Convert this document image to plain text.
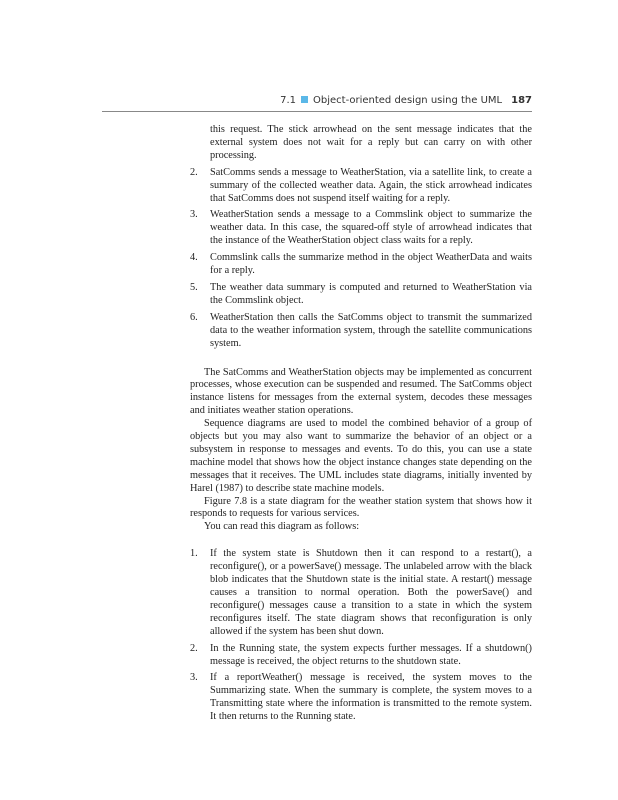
7.1 Object-oriented design using the UML 187

this request. The stick arrowhead on the sent message indicates that the external system does not wait for a reply but can carry on with other processing.

2.	SatComms sends a message to WeatherStation, via a satellite link, to create a summary of the collected weather data. Again, the stick arrowhead indicates that SatComms does not suspend itself waiting for a reply.
3.	WeatherStation sends a message to a Commslink object to summarize the weather data. In this case, the squared-off style of arrowhead indicates that the instance of the WeatherStation object class waits for a reply.
4.	Commslink calls the summarize method in the object WeatherData and waits for a reply.
5.	The weather data summary is computed and returned to WeatherStation via the Commslink object.
6.	WeatherStation then calls the SatComms object to transmit the summarized data to the weather information system, through the satellite communications system.

The SatComms and WeatherStation objects may be implemented as concurrent processes, whose execution can be suspended and resumed. The SatComms object instance listens for messages from the external system, decodes these messages and initiates weather station operations.

Sequence diagrams are used to model the combined behavior of a group of objects but you may also want to summarize the behavior of an object or a subsystem in response to messages and events. To do this, you can use a state machine model that shows how the object instance changes state depending on the messages that it receives. The UML includes state diagrams, initially invented by Harel (1987) to describe state machine models.

Figure 7.8 is a state diagram for the weather station system that shows how it responds to requests for various services.

You can read this diagram as follows:

1.	If the system state is Shutdown then it can respond to a restart(), a reconfigure(), or a powerSave() message. The unlabeled arrow with the black blob indicates that the Shutdown state is the initial state. A restart() message causes a transition to normal operation. Both the powerSave() and reconfigure() messages cause a transition to a state in which the system reconfigures itself. The state diagram shows that reconfiguration is only allowed if the system has been shut down.
2.	In the Running state, the system expects further messages. If a shutdown() message is received, the object returns to the shutdown state.
3.	If a reportWeather() message is received, the system moves to the Summarizing state. When the summary is complete, the system moves to a Transmitting state where the information is transmitted to the remote system. It then returns to the Running state.
